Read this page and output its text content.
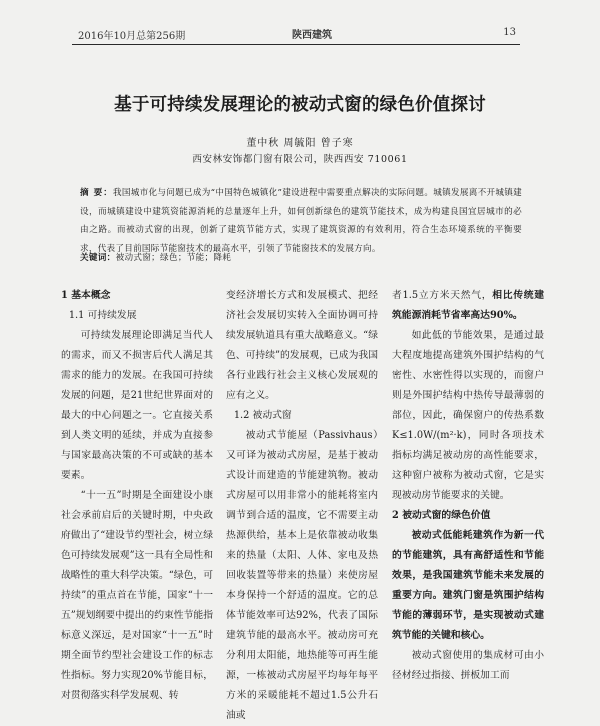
2016年10月总第256期	陕西建筑	13
基于可持续发展理论的被动式窗的绿色价值探讨
董中秋 周毓阳 曾子寒
西安林安饰都门窗有限公司，陕西西安 710061
摘 要：我国城市化与问题已成为“中国特色城镇化”建设进程中需要重点解决的实际问题。城镇发展离不开城镇建设，而城镇建设中建筑资能源消耗的总量逐年上升，如何创新绿色的建筑节能技术，成为构建良国宜居城市的必由之路。而被动式窗的出现，创新了建筑节能方式，实现了建筑资源的有效利用，符合生态环境系统的平衡要求，代表了目前国际节能窗技术的最高水平，引领了节能窗技术的发展方向。
关键词：被动式窗；绿色；节能；降耗

1 基本概念

1.1 可持续发展

可持续发展理论即满足当代人的需求，而又不损害后代人满足其需求的能力的发展。在我国可持续发展的问题，是21世纪世界面对的最大的中心问题之一。它直接关系到人类文明的延续，并成为直接参与国家最高决策的不可或缺的基本要素。

“十一五”时期是全面建设小康社会承前启后的关键时期，中央政府做出了“建设节约型社会，树立绿色可持续发展观”这一具有全局性和战略性的重大科学决策。“绿色，可持续”的重点首在节能，国家“十一五”规划纲要中提出的约束性节能指标意义深远，是对国家“十一五”时期全面节约型社会建设工作的标志性指标。努力实现20%节能目标，对贯彻落实科学发展观、转

变经济增长方式和发展模式、把经济社会发展切实转入全面协调可持续发展轨道具有重大战略意义。“绿色、可持续”的发展观，已成为我国各行业践行社会主义核心发展观的应有之义。

1.2 被动式窗

被动式节能屋（Passivhaus）又可译为被动式房屋，是基于被动式设计而建造的节能建筑物。被动式房屋可以用非常小的能耗将室内调节到合适的温度，它不需要主动热源供给，基本上是依靠被动收集来的热量（太阳、人体、家电及热回收装置等带来的热量）来使房屋本身保持一个舒适的温度。它的总体节能效率可达92%，代表了国际建筑节能的最高水平。被动房可充分利用太阳能，地热能等可再生能源，一栋被动式房屋平均每年每平方米的采暖能耗不超过1.5公升石油或

者1.5立方米天然气，相比传统建筑能源消耗节省率高达90%。

如此低的节能效果，是通过最大程度地提高建筑外围护结构的气密性、水密性得以实现的，而窗户则是外围护结构中热传导最薄弱的部位，因此，确保窗户的传热系数K≤1.0W/(m²·k)，同时各项技术指标均满足被动房的高性能要求，这种窗户被称为被动式窗，它是实现被动房节能要求的关键。

2 被动式窗的绿色价值

被动式低能耗建筑作为新一代的节能建筑，具有高舒适性和节能效果，是我国建筑节能未来发展的重要方向。建筑门窗是筑围护结构节能的薄弱环节，是实现被动式建筑节能的关键和核心。

被动式窗使用的集成材可由小径材经过指接、拼板加工而
